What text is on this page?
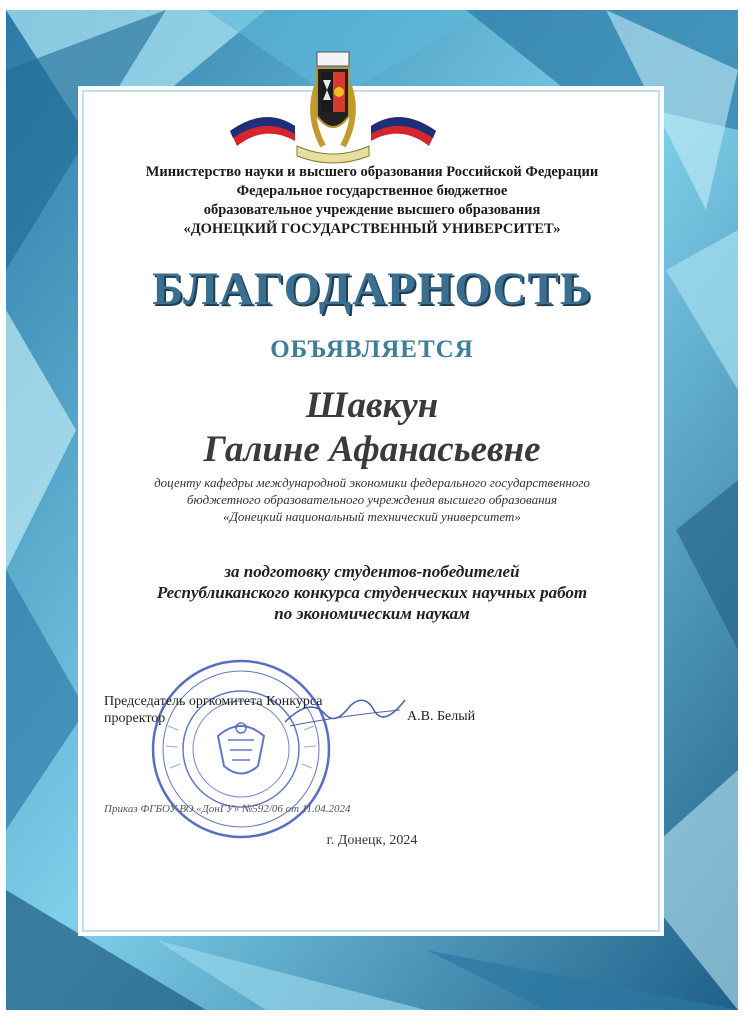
Министерство науки и высшего образования Российской Федерации
Федеральное государственное бюджетное
образовательное учреждение высшего образования
«ДОНЕЦКИЙ ГОСУДАРСТВЕННЫЙ УНИВЕРСИТЕТ»
БЛАГОДАРНОСТЬ
ОБЪЯВЛЯЕТСЯ
Шавкун
Галине Афанасьевне
доценту кафедры международной экономики федерального государственного
бюджетного образовательного учреждения высшего образования
«Донецкий национальный технический университет»
за подготовку студентов-победителей
Республиканского конкурса студенческих научных работ
по экономическим наукам
Председатель оргкомитета Конкурса
проректор	А.В. Белый
Приказ ФГБОУ ВО «ДонГУ» №592/06 от 11.04.2024
г. Донецк, 2024
